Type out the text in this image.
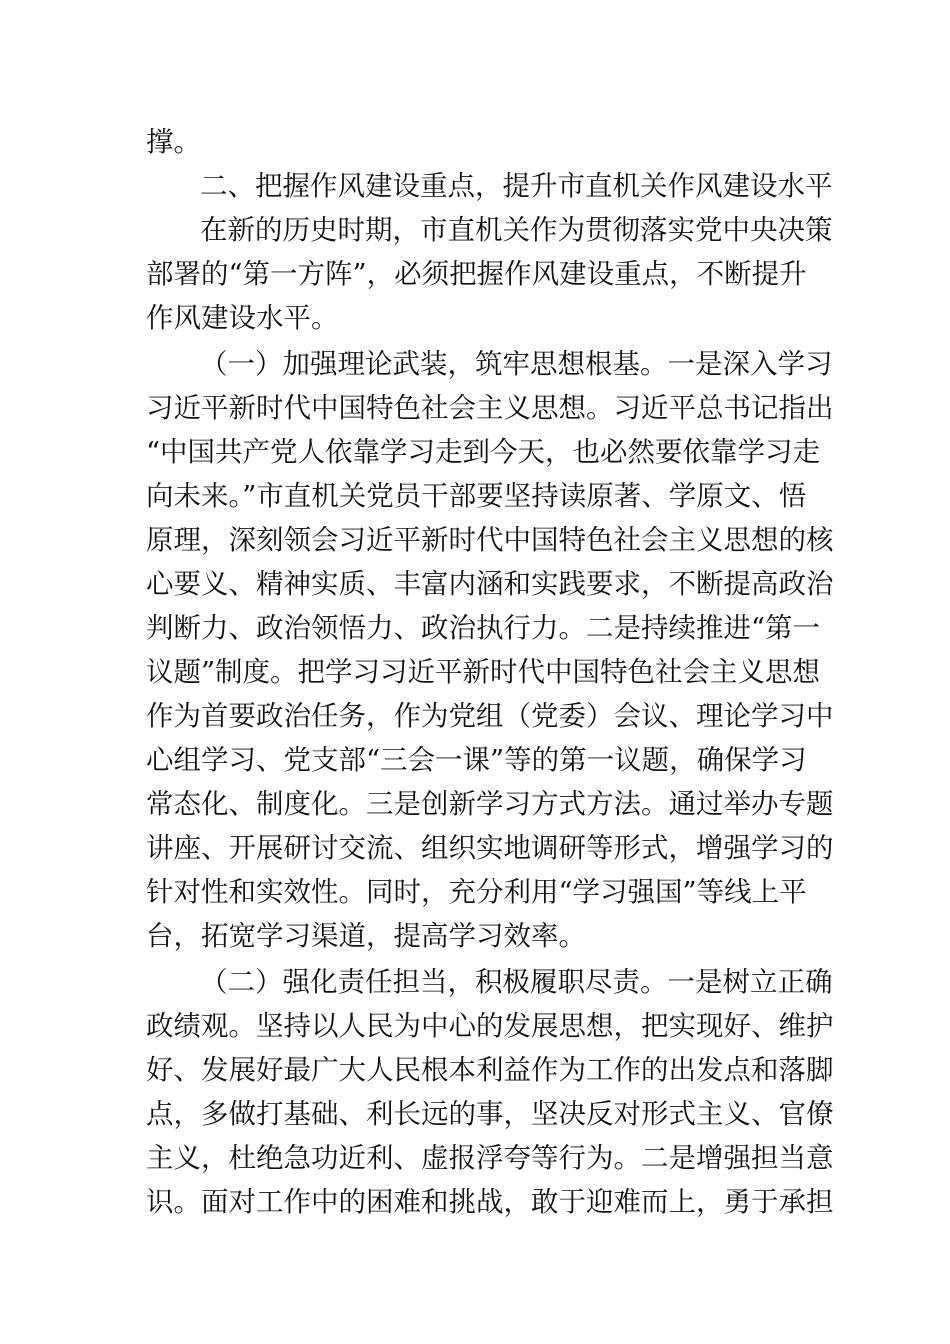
撑。
二、把握作风建设重点，提升市直机关作风建设水平
在新的历史时期，市直机关作为贯彻落实党中央决策
部署的“第一方阵”，必须把握作风建设重点，不断提升
作风建设水平。
（一）加强理论武装，筑牢思想根基。一是深入学习
习近平新时代中国特色社会主义思想。习近平总书记指出
“中国共产党人依靠学习走到今天，也必然要依靠学习走
向未来。”市直机关党员干部要坚持读原著、学原文、悟
原理，深刻领会习近平新时代中国特色社会主义思想的核
心要义、精神实质、丰富内涵和实践要求，不断提高政治
判断力、政治领悟力、政治执行力。二是持续推进“第一
议题”制度。把学习习近平新时代中国特色社会主义思想
作为首要政治任务，作为党组（党委）会议、理论学习中
心组学习、党支部“三会一课”等的第一议题，确保学习
常态化、制度化。三是创新学习方式方法。通过举办专题
讲座、开展研讨交流、组织实地调研等形式，增强学习的
针对性和实效性。同时，充分利用“学习强国”等线上平
台，拓宽学习渠道，提高学习效率。
（二）强化责任担当，积极履职尽责。一是树立正确
政绩观。坚持以人民为中心的发展思想，把实现好、维护
好、发展好最广大人民根本利益作为工作的出发点和落脚
点，多做打基础、利长远的事，坚决反对形式主义、官僚
主义，杜绝急功近利、虚报浮夸等行为。二是增强担当意
识。面对工作中的困难和挑战，敢于迎难而上，勇于承担
